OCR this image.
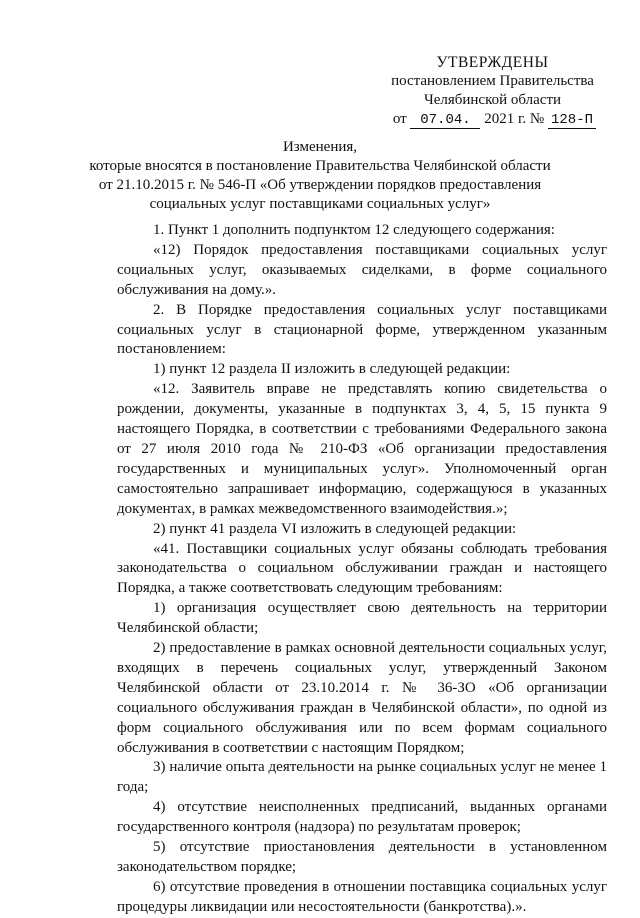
УТВЕРЖДЕНЫ
постановлением Правительства
Челябинской области
от 07.04. 2021 г. № 128-П
Изменения,
которые вносятся в постановление Правительства Челябинской области
от 21.10.2015 г. № 546-П «Об утверждении порядков предоставления
социальных услуг поставщиками социальных услуг»

1. Пункт 1 дополнить подпунктом 12 следующего содержания:

«12) Порядок предоставления поставщиками социальных услуг социальных услуг, оказываемых сиделками, в форме социального обслуживания на дому.».

2. В Порядке предоставления социальных услуг поставщиками социальных услуг в стационарной форме, утвержденном указанным постановлением:

1) пункт 12 раздела II изложить в следующей редакции:

«12. Заявитель вправе не представлять копию свидетельства о рождении, документы, указанные в подпунктах 3, 4, 5, 15 пункта 9 настоящего Порядка, в соответствии с требованиями Федерального закона от 27 июля 2010 года № 210-ФЗ «Об организации предоставления государственных и муниципальных услуг». Уполномоченный орган самостоятельно запрашивает информацию, содержащуюся в указанных документах, в рамках межведомственного взаимодействия.»;

2) пункт 41 раздела VI изложить в следующей редакции:

«41. Поставщики социальных услуг обязаны соблюдать требования законодательства о социальном обслуживании граждан и настоящего Порядка, а также соответствовать следующим требованиям:

1) организация осуществляет свою деятельность на территории Челябинской области;

2) предоставление в рамках основной деятельности социальных услуг, входящих в перечень социальных услуг, утвержденный Законом Челябинской области от 23.10.2014 г. № 36-ЗО «Об организации социального обслуживания граждан в Челябинской области», по одной из форм социального обслуживания или по всем формам социального обслуживания в соответствии с настоящим Порядком;

3) наличие опыта деятельности на рынке социальных услуг не менее 1 года;

4) отсутствие неисполненных предписаний, выданных органами государственного контроля (надзора) по результатам проверок;

5) отсутствие приостановления деятельности в установленном законодательством порядке;

6) отсутствие проведения в отношении поставщика социальных услуг процедуры ликвидации или несостоятельности (банкротства).».
